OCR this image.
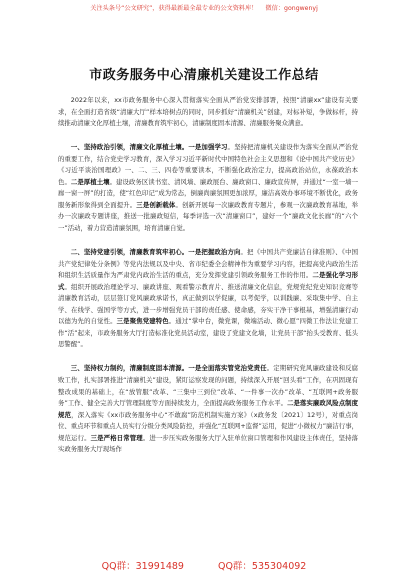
关注头条号“公文研究”，获得最新最全最专业的公文资料库！ 微信：gongwenyj
市政务服务中心清廉机关建设工作总结

2022年以来，xx市政务服务中心深入贯彻落实全面从严治党安排部署，按照“清廉xx”建设有关要求，在全面打造省级“清廉大厅”样本培树点的同时，同步抓好“清廉机关”创建，对标补短，争做标杆，持续推动清廉文化厚植土壤，清廉教育筑牢初心，清廉制度固本清源、清廉服务聚众满意。

一、坚持政治引领，清廉文化厚植土壤。一是加强学习。坚持把清廉机关建设作为落实全面从严治党的重要工作，结合党史学习教育，深入学习习近平新时代中国特色社会主义思想和《论中国共产党历史》《习近平谈治国理政》一、二、三、四卷等重要读本，不断强化政治定力，提高政治站位，永葆政治本色。二是厚植土壤。建设政务区读书室、清风墙、廉政展台、廉政窗口、廉政宣传屏，并通过“一室一墙一廊一窗一屏”的打造，使“红色印记”成为常态，倒廉尚廉氛围更加浓厚，廉洁高效办事环境不断优化，政务服务新形象得到全面提升。三是创新载体。创新开展每一次廉政教育专题片，参观一次廉政教育基地，举办一次廉政专题讲座，推送一批廉政短信，每季评选一次“清廉窗口”，建好一个“廉政文化长廊”的“六个一”活动，着力营造清廉氛围，培育清廉自觉。

二、坚持党建引领，清廉教育筑牢初心。一是把握政治方向。把《中国共产党廉洁自律准则》、《中国共产党纪律处分条例》等党内法规以及中央、省市纪委全会精神作为重要学习内容，把提高党内政治生活和组织生活质量作为严肃党内政治生活的重点，充分发挥党建引领政务服务工作的作用。二是强化学习形式。组织开展政治理论学习、廉政讲座、观看警示教育片、推送清廉文化信息，党规党纪党史知识竞赛等清廉教育活动，层层签订党风廉政承诺书，真正做到以学促廉，以考促学，以训践廉、采取集中学、自主学、在线学、强国学等方式，进一步增强党员干部的责任感、使命感，夯实干净干事根基，增强清廉行动以德为先的自觉性。三是聚焦党建特色。通过“掌中台，微党课，微端活动、微心愿”四微工作法让党建工作“活”起来，市政务服务大厅打造标准化党员活动室，建设了党建文化墙，让党员干部“抬头受教育、低头思警醒”。

三、坚持权力制约，清廉制度固本清源。一是全面落实管党治党责任。定期研究党风廉政建设和反腐败工作，扎实部署推进“清廉机关”建设，紧盯运察发现的问题，持续深入开展“回头看”工作，在巩固现有整改成果的基础上，在“放管服”改革、“三集中三到位”改革、“一件事一次办”改革、“互联网+政务服务”工作、健全完善大厅管理制度等方面持续发力，全面提高政务服务工作水平。二是落实廉政风险点制度规范，深入落实《xx市政务服务中心“不敢腐”防范机制实施方案》（x政务发〔2021〕12号），对重点岗位、重点环节和重点人员实行分级分类风险防控，并强化“互联网+监督”运用，促进“小微权力”廉洁行事，规范运行。三是严格日常管理。进一步压实政务服务大厅入驻单位窗口管理和作风建设主体责任，坚持落实政务服务大厅现场作

QQ群：31991489	QQ群：535304092
